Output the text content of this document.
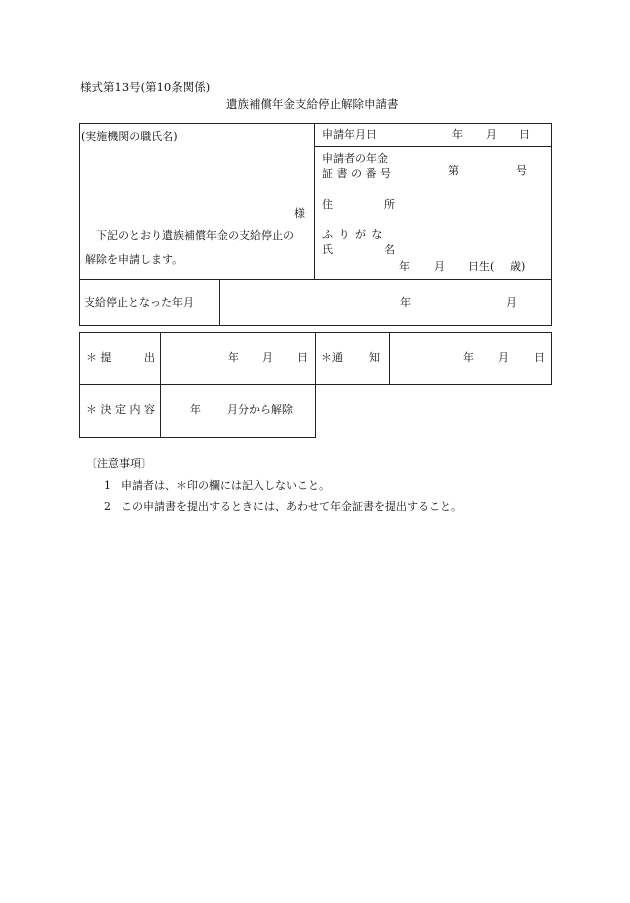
様式第13号(第10条関係)
遺族補償年金支給停止解除申請書
(実施機関の職氏名)
様
下記のとおり遺族補償年金の支給停止の
解除を申請します。
申請年月日	年 月 日
申請者の年金
証 書 の 番 号	第	号
住	所
ふ り が な
氏	名
年 月 日生( 歳)
支給停止となった年月	年	月
＊ 提	出	年 月 日 ＊通 知	年 月 日
＊ 決 定 内 容	年 月分から解除
〔注意事項〕
1 申請者は、＊印の欄には記入しないこと。
2 この申請書を提出するときには、あわせて年金証書を提出すること。
